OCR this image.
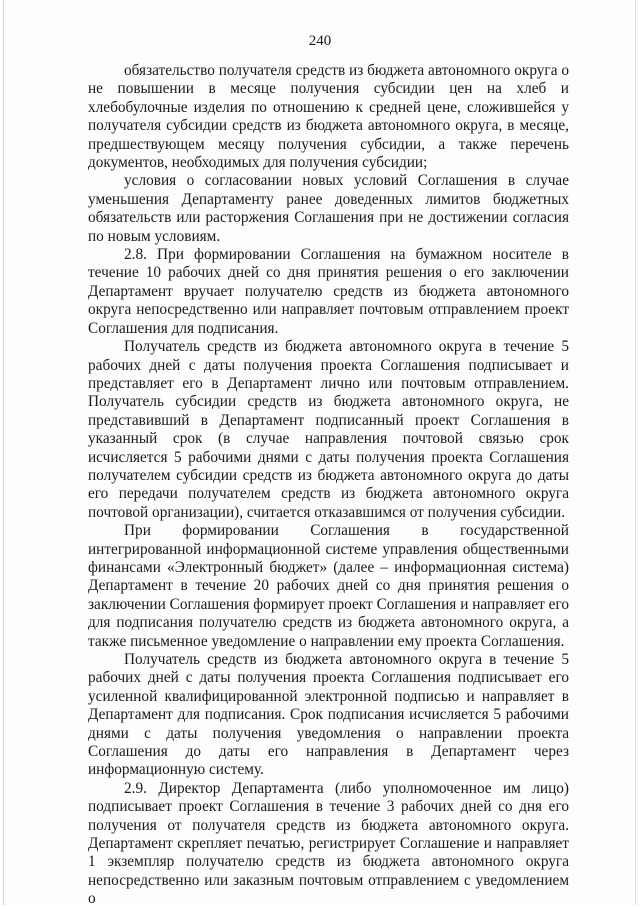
240

обязательство получателя средств из бюджета автономного округа о не повышении в месяце получения субсидии цен на хлеб и хлебобулочные изделия по отношению к средней цене, сложившейся у получателя субсидии средств из бюджета автономного округа, в месяце, предшествующем месяцу получения субсидии, а также перечень документов, необходимых для получения субсидии;

условия о согласовании новых условий Соглашения в случае уменьшения Департаменту ранее доведенных лимитов бюджетных обязательств или расторжения Соглашения при не достижении согласия по новым условиям.

2.8. При формировании Соглашения на бумажном носителе в течение 10 рабочих дней со дня принятия решения о его заключении Департамент вручает получателю средств из бюджета автономного округа непосредственно или направляет почтовым отправлением проект Соглашения для подписания.

Получатель средств из бюджета автономного округа в течение 5 рабочих дней с даты получения проекта Соглашения подписывает и представляет его в Департамент лично или почтовым отправлением. Получатель субсидии средств из бюджета автономного округа, не представивший в Департамент подписанный проект Соглашения в указанный срок (в случае направления почтовой связью срок исчисляется 5 рабочими днями с даты получения проекта Соглашения получателем субсидии средств из бюджета автономного округа до даты его передачи получателем средств из бюджета автономного округа почтовой организации), считается отказавшимся от получения субсидии.

При формировании Соглашения в государственной интегрированной информационной системе управления общественными финансами «Электронный бюджет» (далее – информационная система) Департамент в течение 20 рабочих дней со дня принятия решения о заключении Соглашения формирует проект Соглашения и направляет его для подписания получателю средств из бюджета автономного округа, а также письменное уведомление о направлении ему проекта Соглашения.

Получатель средств из бюджета автономного округа в течение 5 рабочих дней с даты получения проекта Соглашения подписывает его усиленной квалифицированной электронной подписью и направляет в Департамент для подписания. Срок подписания исчисляется 5 рабочими днями с даты получения уведомления о направлении проекта Соглашения до даты его направления в Департамент через информационную систему.

2.9. Директор Департамента (либо уполномоченное им лицо) подписывает проект Соглашения в течение 3 рабочих дней со дня его получения от получателя средств из бюджета автономного округа. Департамент скрепляет печатью, регистрирует Соглашение и направляет 1 экземпляр получателю средств из бюджета автономного округа непосредственно или заказным почтовым отправлением с уведомлением о
